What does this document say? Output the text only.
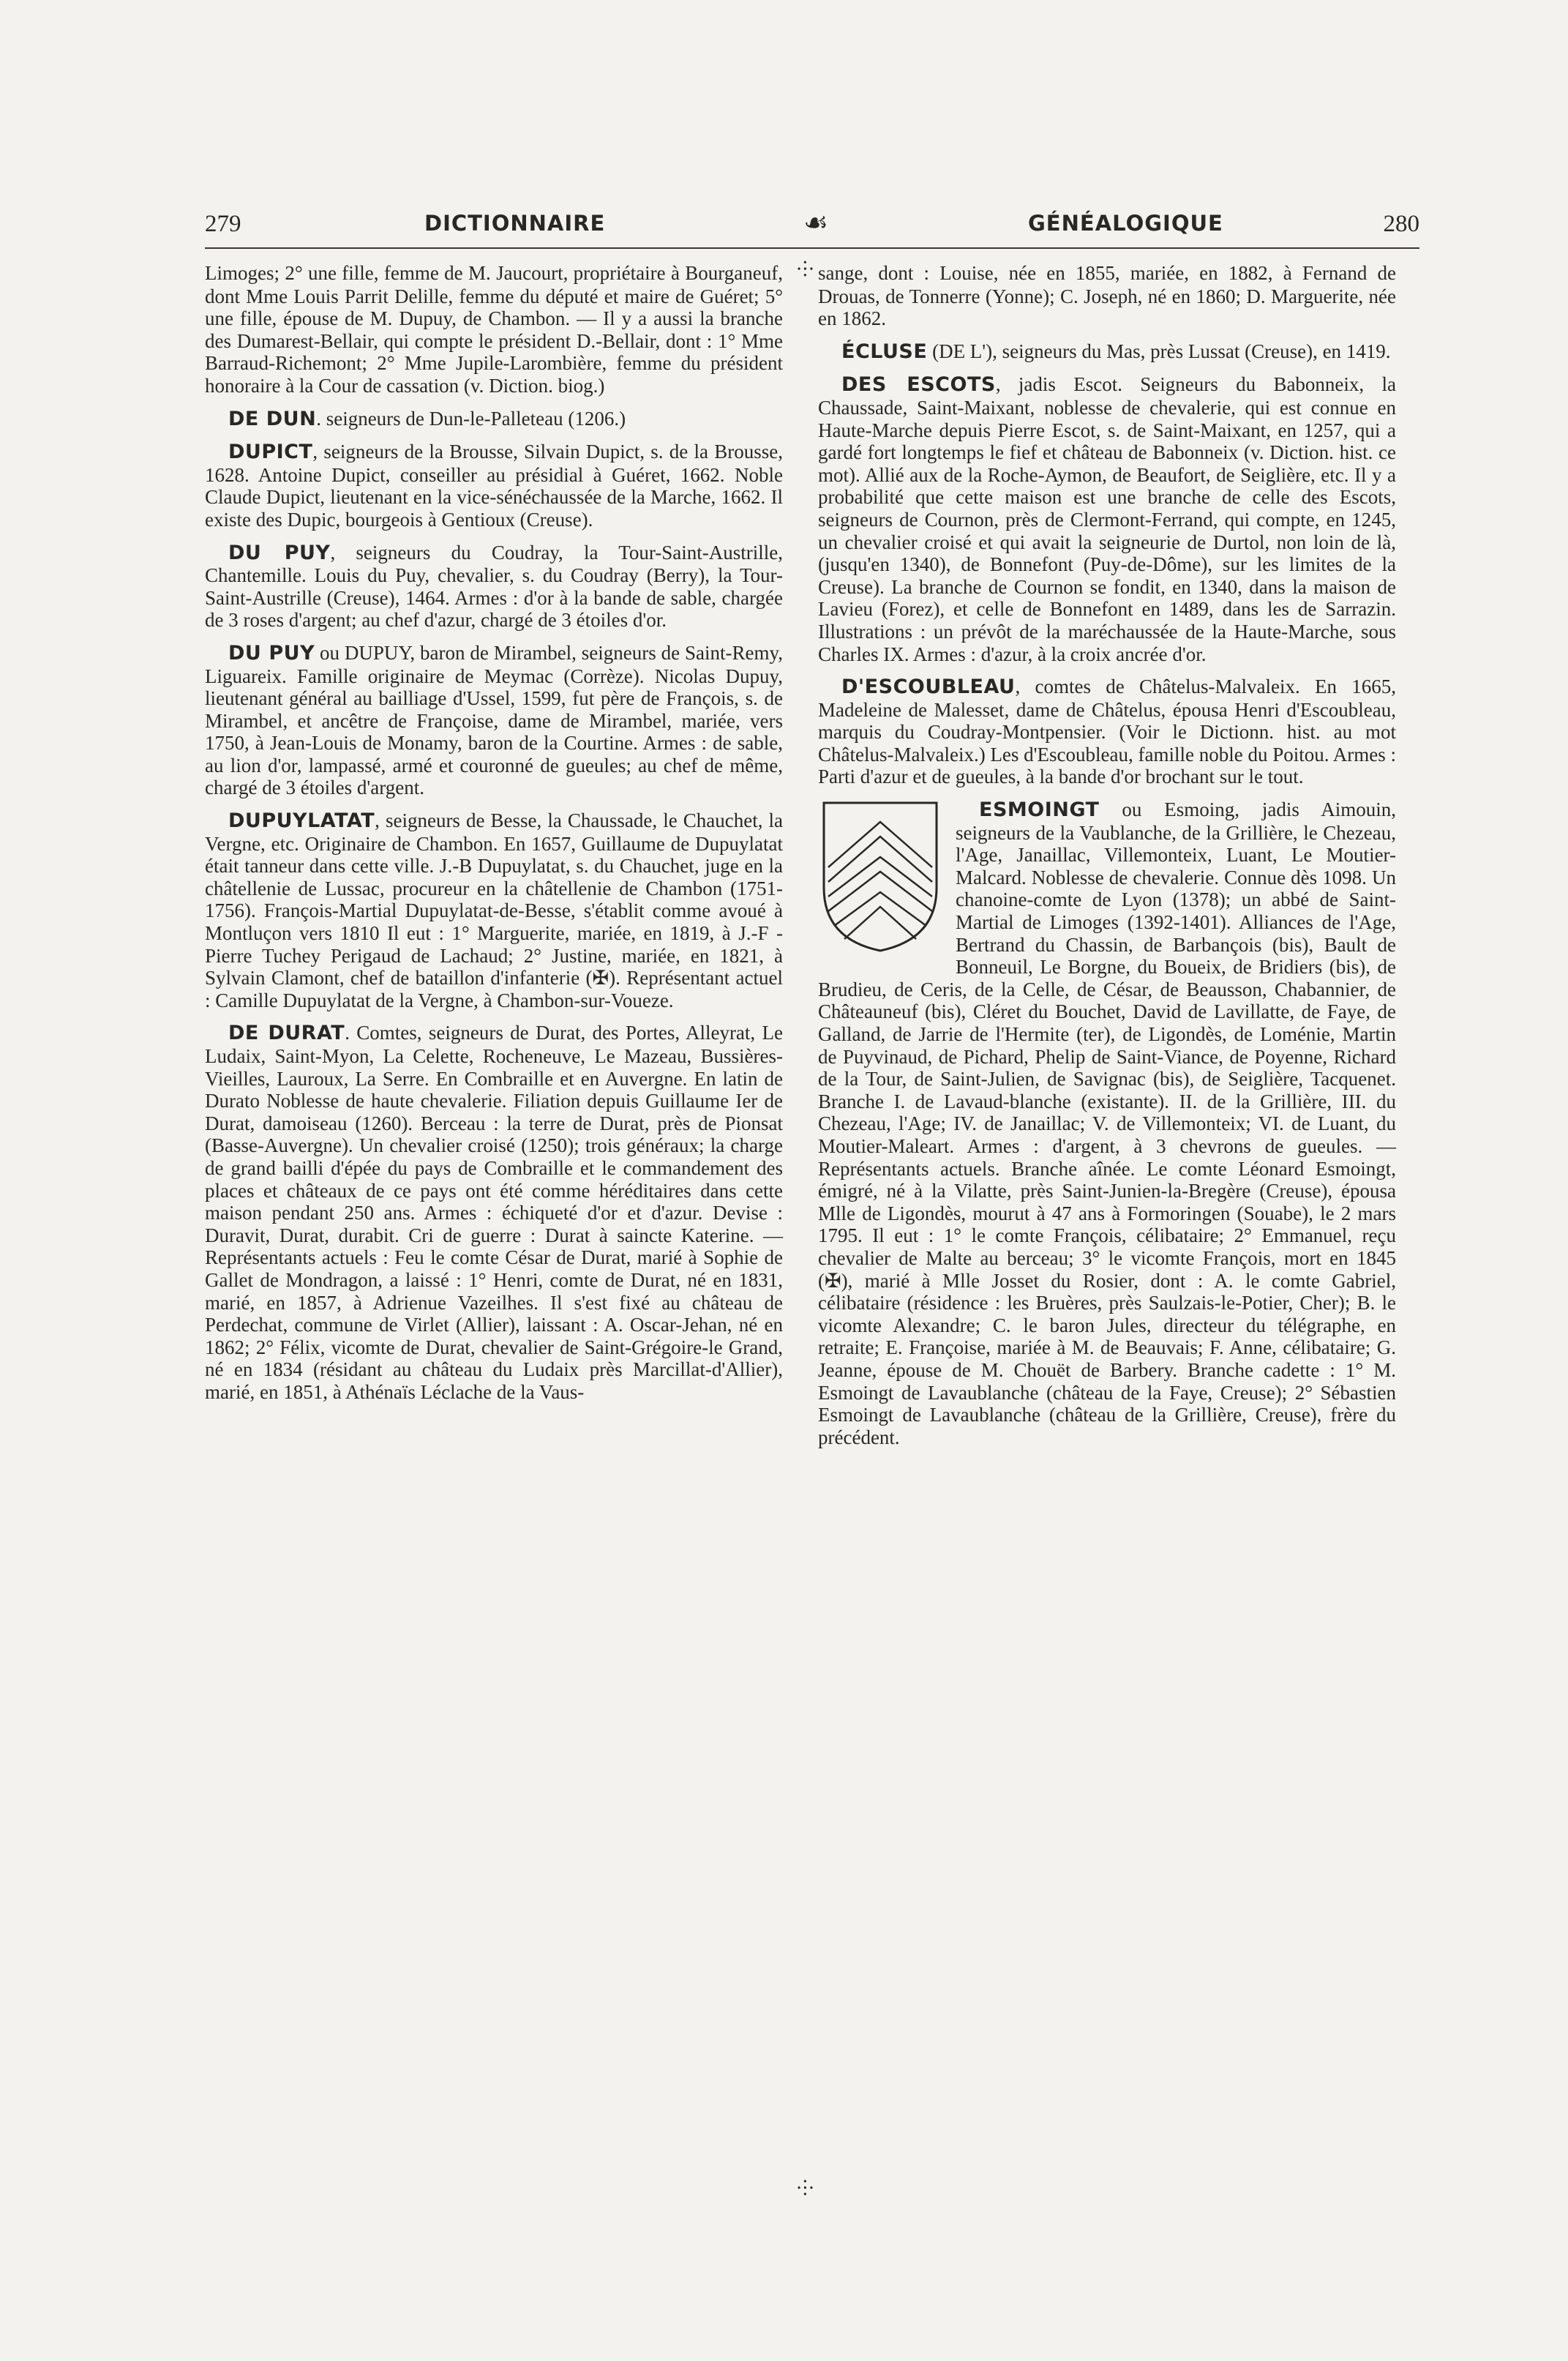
279	DICTIONNAIRE	☙	GÉNÉALOGIQUE	280
⸭
⸭

Limoges; 2° une fille, femme de M. Jaucourt, propriétaire à Bourganeuf, dont Mme Louis Parrit Delille, femme du député et maire de Guéret; 5° une fille, épouse de M. Dupuy, de Chambon. — Il y a aussi la branche des Dumarest-Bellair, qui compte le président D.-Bellair, dont : 1° Mme Barraud-Richemont; 2° Mme Jupile-Larombière, femme du président honoraire à la Cour de cassation (v. Diction. biog.)

DE DUN. seigneurs de Dun-le-Palleteau (1206.)

DUPICT, seigneurs de la Brousse, Silvain Dupict, s. de la Brousse, 1628. Antoine Dupict, conseiller au présidial à Guéret, 1662. Noble Claude Dupict, lieutenant en la vice-sénéchaussée de la Marche, 1662. Il existe des Dupic, bourgeois à Gentioux (Creuse).

DU PUY, seigneurs du Coudray, la Tour-Saint-Austrille, Chantemille. Louis du Puy, chevalier, s. du Coudray (Berry), la Tour-Saint-Austrille (Creuse), 1464. Armes : d'or à la bande de sable, chargée de 3 roses d'argent; au chef d'azur, chargé de 3 étoiles d'or.

DU PUY ou DUPUY, baron de Mirambel, seigneurs de Saint-Remy, Liguareix. Famille originaire de Meymac (Corrèze). Nicolas Dupuy, lieutenant général au bailliage d'Ussel, 1599, fut père de François, s. de Mirambel, et ancêtre de Françoise, dame de Mirambel, mariée, vers 1750, à Jean-Louis de Monamy, baron de la Courtine. Armes : de sable, au lion d'or, lampassé, armé et couronné de gueules; au chef de même, chargé de 3 étoiles d'argent.

DUPUYLATAT, seigneurs de Besse, la Chaussade, le Chauchet, la Vergne, etc. Originaire de Chambon. En 1657, Guillaume de Dupuylatat était tanneur dans cette ville. J.-B Dupuylatat, s. du Chauchet, juge en la châtellenie de Lussac, procureur en la châtellenie de Chambon (1751-1756). François-Martial Dupuylatat-de-Besse, s'établit comme avoué à Montluçon vers 1810 Il eut : 1° Marguerite, mariée, en 1819, à J.-F -Pierre Tuchey Perigaud de Lachaud; 2° Justine, mariée, en 1821, à Sylvain Clamont, chef de bataillon d'infanterie (✠). Représentant actuel : Camille Dupuylatat de la Vergne, à Chambon-sur-Voueze.

DE DURAT. Comtes, seigneurs de Durat, des Portes, Alleyrat, Le Ludaix, Saint-Myon, La Celette, Rocheneuve, Le Mazeau, Bussières-Vieilles, Lauroux, La Serre. En Combraille et en Auvergne. En latin de Durato Noblesse de haute chevalerie. Filiation depuis Guillaume Ier de Durat, damoiseau (1260). Berceau : la terre de Durat, près de Pionsat (Basse-Auvergne). Un chevalier croisé (1250); trois généraux; la charge de grand bailli d'épée du pays de Combraille et le commandement des places et châteaux de ce pays ont été comme héréditaires dans cette maison pendant 250 ans. Armes : échiqueté d'or et d'azur. Devise : Duravit, Durat, durabit. Cri de guerre : Durat à saincte Katerine. — Représentants actuels : Feu le comte César de Durat, marié à Sophie de Gallet de Mondragon, a laissé : 1° Henri, comte de Durat, né en 1831, marié, en 1857, à Adrienue Vazeilhes. Il s'est fixé au château de Perdechat, commune de Virlet (Allier), laissant : A. Oscar-Jehan, né en 1862; 2° Félix, vicomte de Durat, chevalier de Saint-Grégoire-le Grand, né en 1834 (résidant au château du Ludaix près Marcillat-d'Allier), marié, en 1851, à Athénaïs Léclache de la Vaus-

sange, dont : Louise, née en 1855, mariée, en 1882, à Fernand de Drouas, de Tonnerre (Yonne); C. Joseph, né en 1860; D. Marguerite, née en 1862.

ÉCLUSE (DE L'), seigneurs du Mas, près Lussat (Creuse), en 1419.

DES ESCOTS, jadis Escot. Seigneurs du Babonneix, la Chaussade, Saint-Maixant, noblesse de chevalerie, qui est connue en Haute-Marche depuis Pierre Escot, s. de Saint-Maixant, en 1257, qui a gardé fort longtemps le fief et château de Babonneix (v. Diction. hist. ce mot). Allié aux de la Roche-Aymon, de Beaufort, de Seiglière, etc. Il y a probabilité que cette maison est une branche de celle des Escots, seigneurs de Cournon, près de Clermont-Ferrand, qui compte, en 1245, un chevalier croisé et qui avait la seigneurie de Durtol, non loin de là, (jusqu'en 1340), de Bonnefont (Puy-de-Dôme), sur les limites de la Creuse). La branche de Cournon se fondit, en 1340, dans la maison de Lavieu (Forez), et celle de Bonnefont en 1489, dans les de Sarrazin. Illustrations : un prévôt de la maréchaussée de la Haute-Marche, sous Charles IX. Armes : d'azur, à la croix ancrée d'or.

D'ESCOUBLEAU, comtes de Châtelus-Malvaleix. En 1665, Madeleine de Malesset, dame de Châtelus, épousa Henri d'Escoubleau, marquis du Coudray-Montpensier. (Voir le Dictionn. hist. au mot Châtelus-Malvaleix.) Les d'Escoubleau, famille noble du Poitou. Armes : Parti d'azur et de gueules, à la bande d'or brochant sur le tout.

ESMOINGT ou Esmoing, jadis Aimouin, seigneurs de la Vaublanche, de la Grillière, le Chezeau, l'Age, Janaillac, Villemonteix, Luant, Le Moutier-Malcard. Noblesse de chevalerie. Connue dès 1098. Un chanoine-comte de Lyon (1378); un abbé de Saint-Martial de Limoges (1392-1401). Alliances de l'Age, Bertrand du Chassin, de Barbançois (bis), Bault de Bonneuil, Le Borgne, du Boueix, de Bridiers (bis), de Brudieu, de Ceris, de la Celle, de César, de Beausson, Chabannier, de Châteauneuf (bis), Cléret du Bouchet, David de Lavillatte, de Faye, de Galland, de Jarrie de l'Hermite (ter), de Ligondès, de Loménie, Martin de Puyvinaud, de Pichard, Phelip de Saint-Viance, de Poyenne, Richard de la Tour, de Saint-Julien, de Savignac (bis), de Seiglière, Tacquenet. Branche I. de Lavaud-blanche (existante). II. de la Grillière, III. du Chezeau, l'Age; IV. de Janaillac; V. de Villemonteix; VI. de Luant, du Moutier-Maleart. Armes : d'argent, à 3 chevrons de gueules. — Représentants actuels. Branche aînée. Le comte Léonard Esmoingt, émigré, né à la Vilatte, près Saint-Junien-la-Bregère (Creuse), épousa Mlle de Ligondès, mourut à 47 ans à Formoringen (Souabe), le 2 mars 1795. Il eut : 1° le comte François, célibataire; 2° Emmanuel, reçu chevalier de Malte au berceau; 3° le vicomte François, mort en 1845 (✠), marié à Mlle Josset du Rosier, dont : A. le comte Gabriel, célibataire (résidence : les Bruères, près Saulzais-le-Potier, Cher); B. le vicomte Alexandre; C. le baron Jules, directeur du télégraphe, en retraite; E. Françoise, mariée à M. de Beauvais; F. Anne, célibataire; G. Jeanne, épouse de M. Chouët de Barbery. Branche cadette : 1° M. Esmoingt de Lavaublanche (château de la Faye, Creuse); 2° Sébastien Esmoingt de Lavaublanche (château de la Grillière, Creuse), frère du précédent.
